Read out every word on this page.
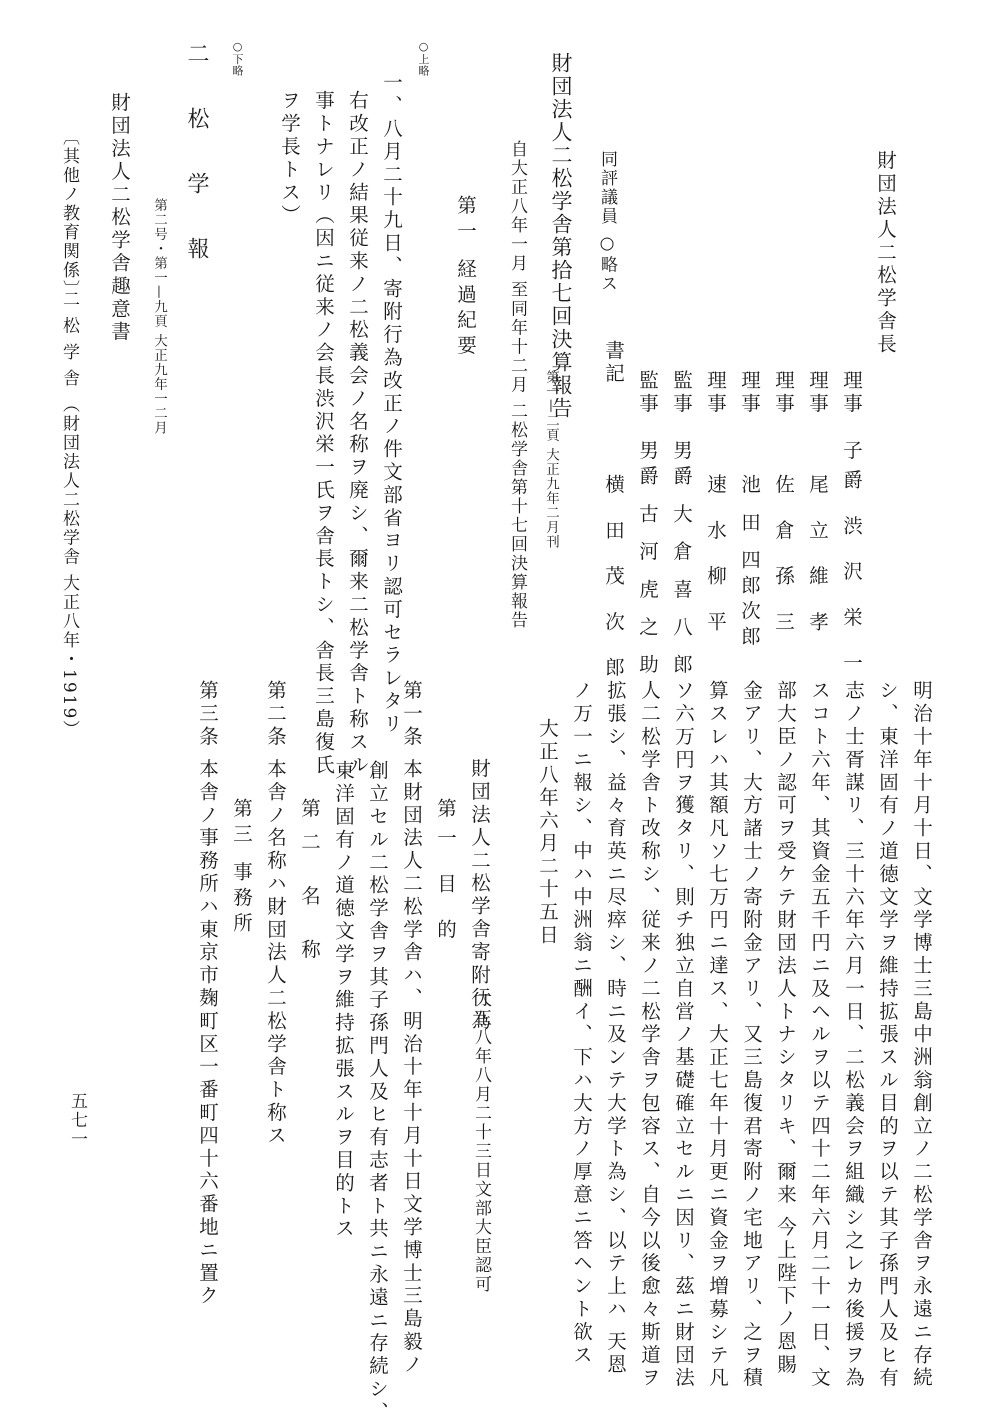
財団法人二松学舎長
理事
子爵 渋 沢 栄 一
理事
尾 立 維 孝
理事
佐 倉 孫 三
理事
池 田 四郎次郎
理事
速 水 柳 平
監事
男爵 大 倉 喜 八 郎
監事
男爵 古 河 虎 之 助
書記
横 田 茂 次 郎
同評議員 ○略ス
財団法人二松学舎第拾七回決算報告
第一—二頁 大正九年二月刊
自大正八年一月 至同年十二月 二松学舎第十七回決算報告
第一 経過紀要
○上略
一、八月二十九日、寄附行為改正ノ件文部省ヨリ認可セラレタリ
右改正ノ結果従来ノ二松義会ノ名称ヲ廃シ、爾来二松学舎ト称スル
事トナレリ（因ニ従来ノ会長渋沢栄一氏ヲ舎長トシ、舎長三島復氏
ヲ学長トス）
○下略
二 松 学 報
第二号・第一—九頁 大正九年一二月
財団法人二松学舎趣意書
〔其他ノ教育関係〕
二 松 学 舎 （財団法人二松学舎 大正八年・1919）
明治十年十月十日、文学博士三島中洲翁創立ノ二松学舎ヲ永遠ニ存続
シ、東洋固有ノ道徳文学ヲ維持拡張スル目的ヲ以テ其子孫門人及ヒ有
志ノ士胥謀リ、三十六年六月一日、二松義会ヲ組織シ之レカ後援ヲ為
スコト六年、其資金五千円ニ及ヘルヲ以テ四十二年六月二十一日、文
部大臣ノ認可ヲ受ケテ財団法人トナシタリキ、爾来 今上陛下ノ恩賜
金アリ、大方諸士ノ寄附金アリ、又三島復君寄附ノ宅地アリ、之ヲ積
算スレハ其額凡ソ七万円ニ達ス、大正七年十月更ニ資金ヲ増募シテ凡
ソ六万円ヲ獲タリ、則チ独立自営ノ基礎確立セルニ因リ、茲ニ財団法
人二松学舎ト改称シ、従来ノ二松学舎ヲ包容ス、自今以後愈々斯道ヲ
拡張シ、益々育英ニ尽瘁シ、時ニ及ンテ大学ト為シ、以テ上ハ 天恩
ノ万一ニ報シ、中ハ中洲翁ニ酬イ、下ハ大方ノ厚意ニ答ヘント欲ス
大正八年六月二十五日
財団法人二松学舎寄附行為
大正八年八月二十三日文部大臣認可
第一 目 的
第一条 本財団法人二松学舎ハ、明治十年十月十日文学博士三島毅ノ
創立セル二松学舎ヲ其子孫門人及ヒ有志者ト共ニ永遠ニ存続シ、
東洋固有ノ道徳文学ヲ維持拡張スルヲ目的トス
第二 名 称
第二条 本舎ノ名称ハ財団法人二松学舎ト称ス
第三 事務所
第三条 本舎ノ事務所ハ東京市麹町区一番町四十六番地ニ置ク
五七一
